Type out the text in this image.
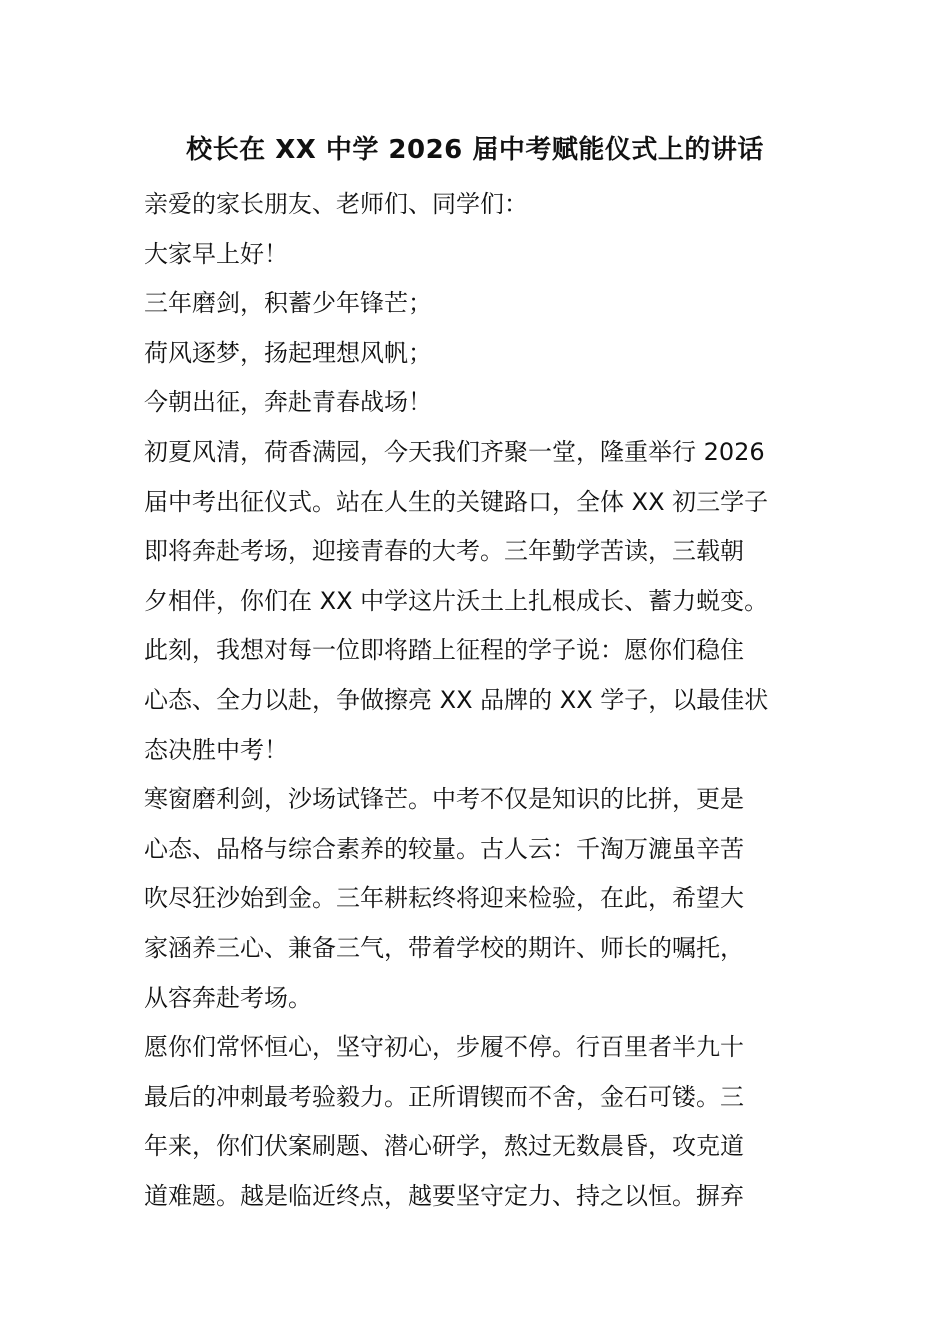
校长在 XX 中学 2026 届中考赋能仪式上的讲话
亲爱的家长朋友、老师们、同学们：
大家早上好！
三年磨剑，积蓄少年锋芒；
荷风逐梦，扬起理想风帆；
今朝出征，奔赴青春战场！
初夏风清，荷香满园，今天我们齐聚一堂，隆重举行 2026
届中考出征仪式。站在人生的关键路口，全体 XX 初三学子
即将奔赴考场，迎接青春的大考。三年勤学苦读，三载朝
夕相伴，你们在 XX 中学这片沃土上扎根成长、蓄力蜕变。
此刻，我想对每一位即将踏上征程的学子说：愿你们稳住
心态、全力以赴，争做擦亮 XX 品牌的 XX 学子，以最佳状
态决胜中考！
寒窗磨利剑，沙场试锋芒。中考不仅是知识的比拼，更是
心态、品格与综合素养的较量。古人云：千淘万漉虽辛苦
吹尽狂沙始到金。三年耕耘终将迎来检验，在此，希望大
家涵养三心、兼备三气，带着学校的期许、师长的嘱托，
从容奔赴考场。
愿你们常怀恒心，坚守初心，步履不停。行百里者半九十
最后的冲刺最考验毅力。正所谓锲而不舍，金石可镂。三
年来，你们伏案刷题、潜心研学，熬过无数晨昏，攻克道
道难题。越是临近终点，越要坚守定力、持之以恒。摒弃
